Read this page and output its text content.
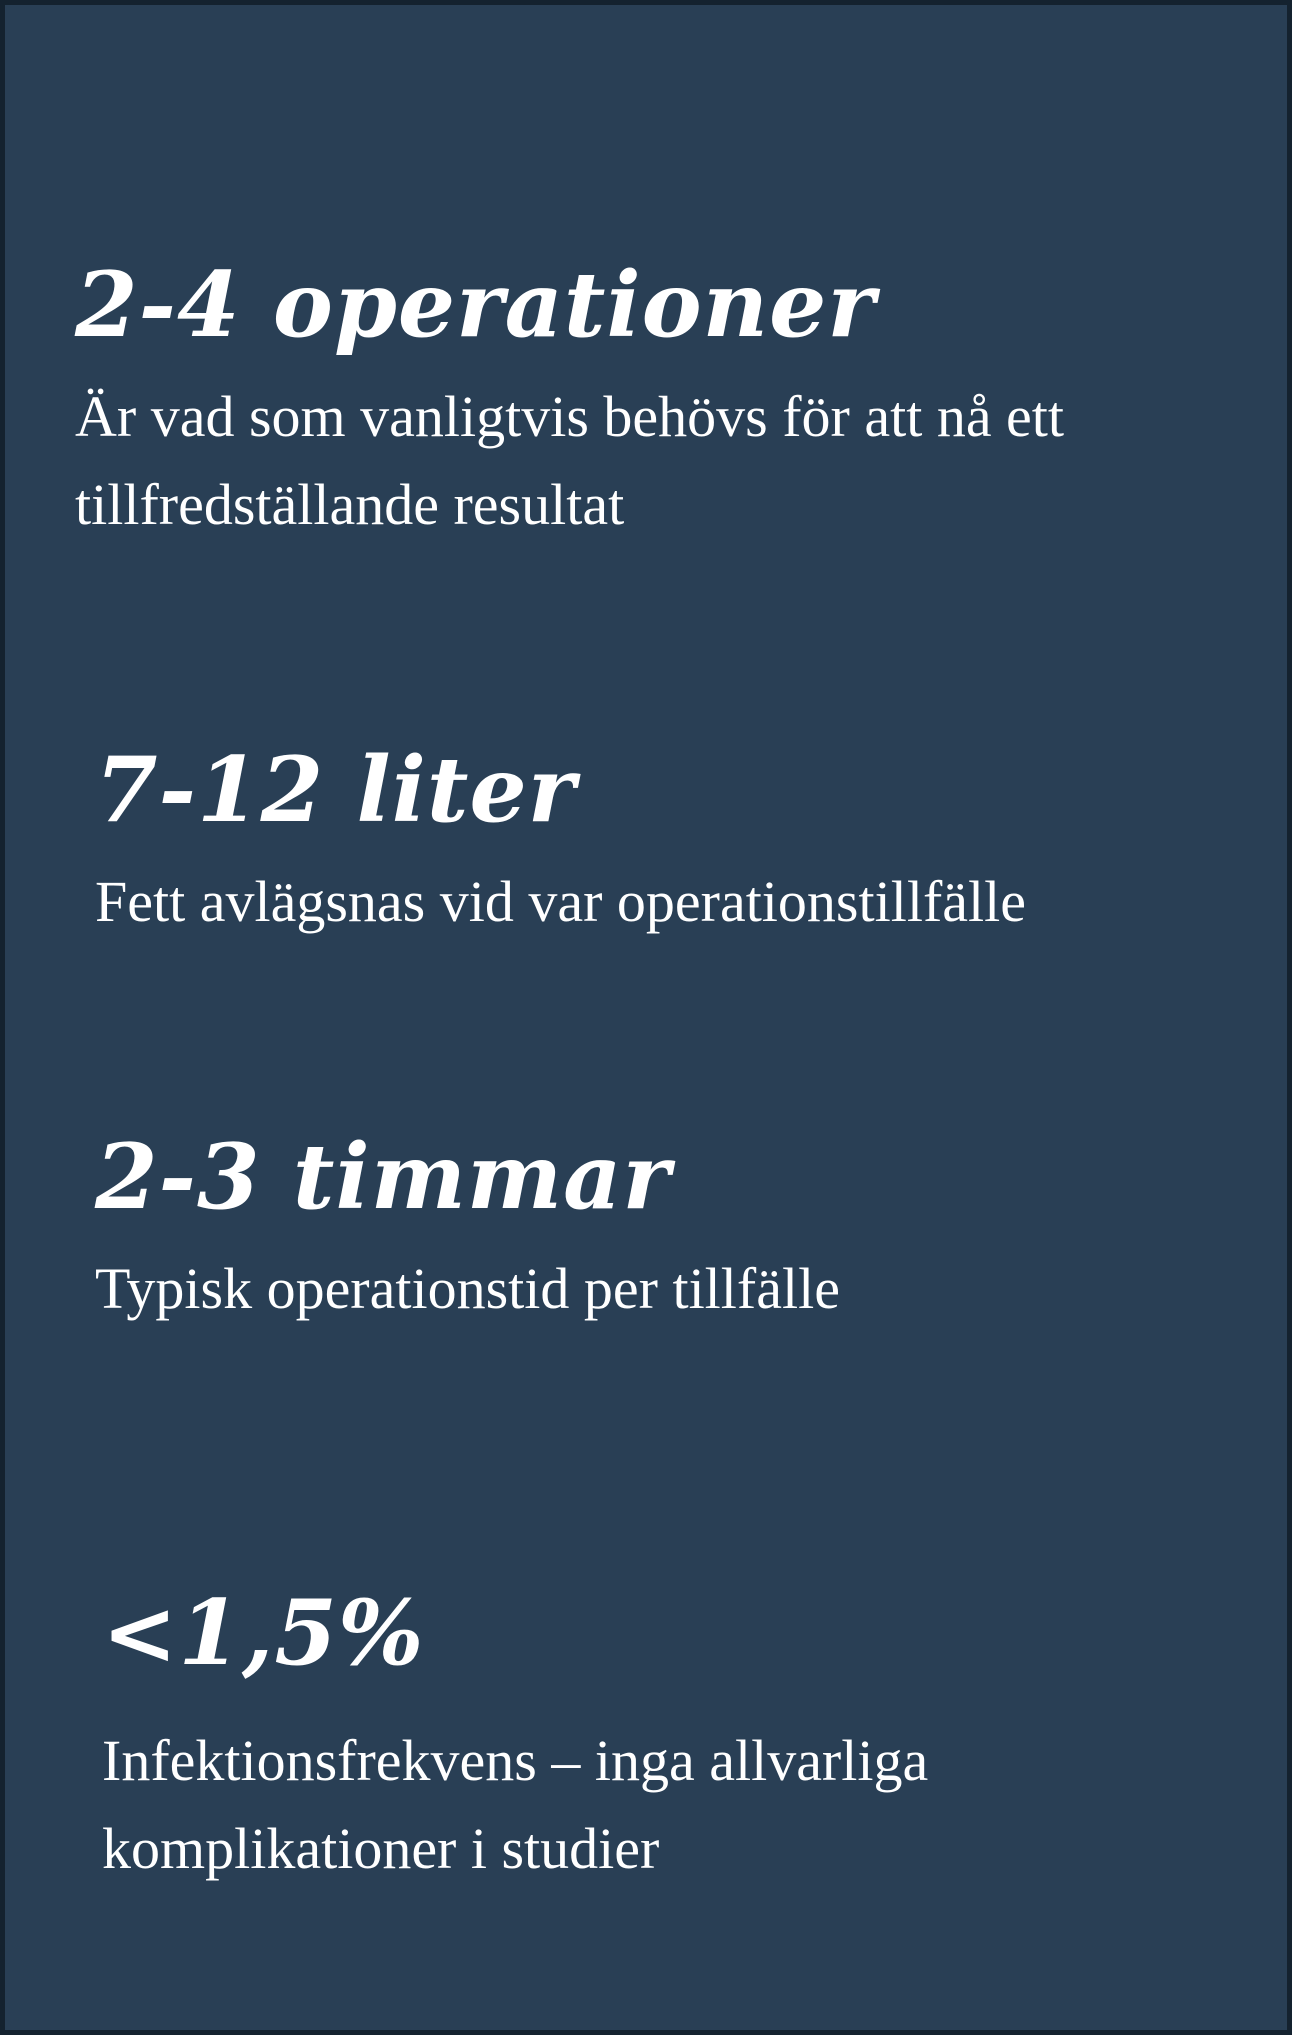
2-4 operationer

Är vad som vanligtvis behövs för att nå ett tillfredställande resultat

7-12 liter

Fett avlägsnas vid var operationstillfälle

2-3 timmar

Typisk operationstid per tillfälle

<1,5%

Infektionsfrekvens – inga allvarliga komplikationer i studier
